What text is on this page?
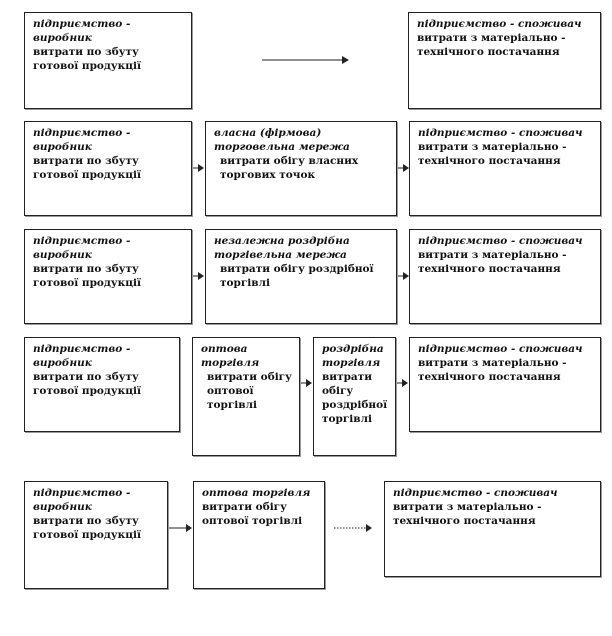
підприємство - виробник
витрати по збуту готової продукції
підприємство - споживач
витрати з матеріально - технічного постачання
підприємство - виробник
витрати по збуту готової продукції
власна (фірмова) торговельна мережа
витрати обігу власних торгових точок
підприємство - споживач
витрати з матеріально - технічного постачання
підприємство - виробник
витрати по збуту готової продукції
незалежна роздрібна торгівельна мережа
витрати обігу роздрібної торгівлі
підприємство - споживач
витрати з матеріально - технічного постачання
підприємство - виробник
витрати по збуту готової продукції
оптова торгівля
витрати обігу оптової торгівлі
роздрібна торгівля
витрати обігу роздрібної торгівлі
підприємство - споживач
витрати з матеріально - технічного постачання
підприємство - виробник
витрати по збуту готової продукції
оптова торгівля
витрати обігу оптової торгівлі
підприємство - споживач
витрати з матеріально - технічного постачання
